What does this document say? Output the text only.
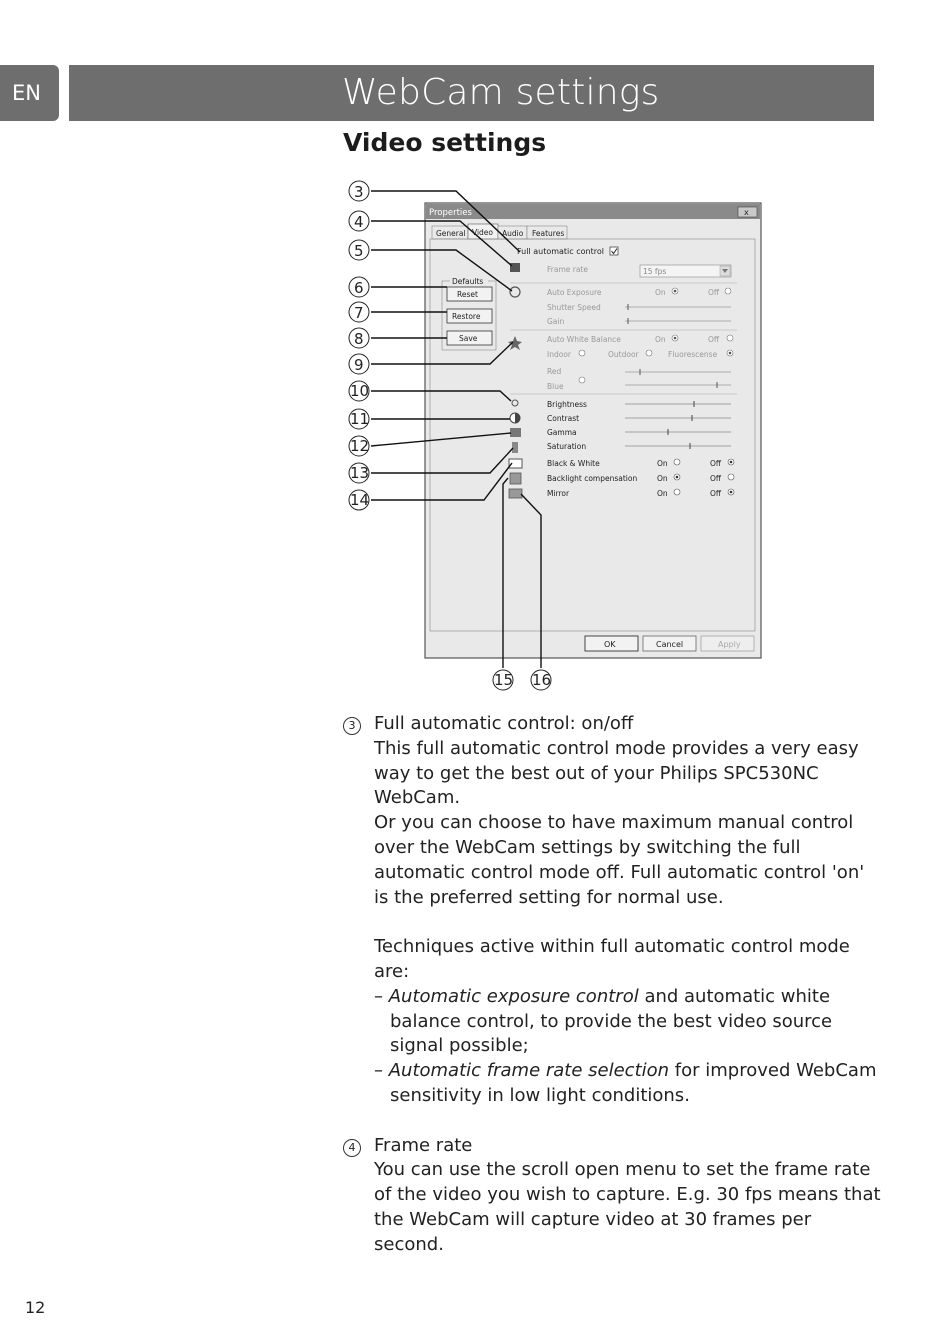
EN	WebCam settings
Video settings
Properties	x
General Video Audio Features
Full automatic control
Frame rate	15 fps
Defaults
Reset
Restore
Save
Auto Exposure	On	Off
Shutter Speed
Gain
Auto White Balance	On	Off
Indoor	Outdoor	Fluorescense
Red
Blue
Brightness
Contrast
Gamma
Saturation
Black & White	On	Off
Backlight compensation	On	Off
Mirror	On	Off
OK	Cancel	Apply
3
4
5
6
7
8
9
10
11
12
13
14
15 16
3	Full automatic control: on/off
This full automatic control mode provides a very easy way to get the best out of your Philips SPC530NC WebCam.
Or you can choose to have maximum manual control over the WebCam settings by switching the full automatic control mode off. Full automatic control 'on' is the preferred setting for normal use.
Techniques active within full automatic control mode are:
– Automatic exposure control and automatic white balance control, to provide the best video source signal possible;
– Automatic frame rate selection for improved WebCam sensitivity in low light conditions.
4	Frame rate
You can use the scroll open menu to set the frame rate of the video you wish to capture. E.g. 30 fps means that the WebCam will capture video at 30 frames per second.
12
